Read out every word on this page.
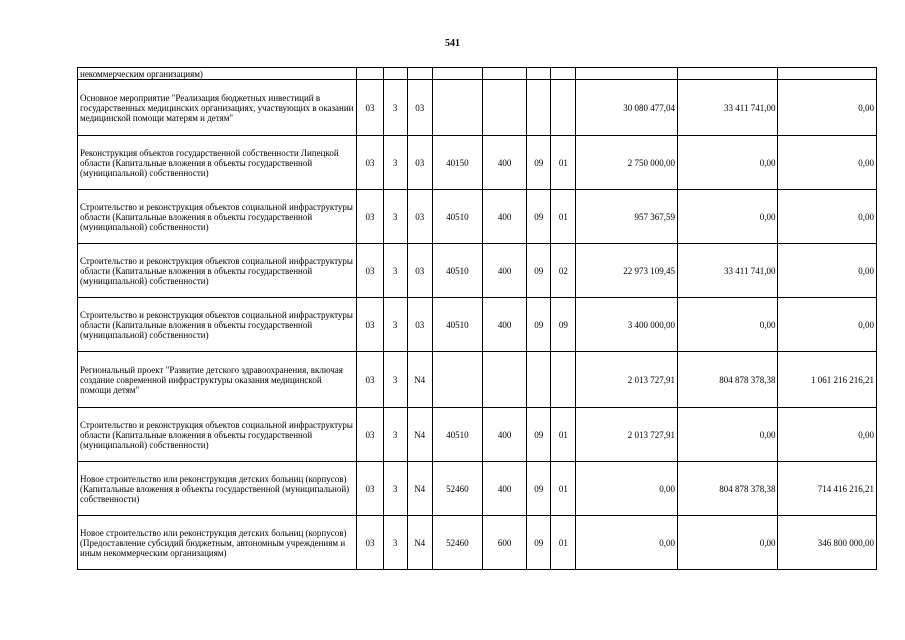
541
некоммерческим организациям)										
Основное мероприятие "Реализация бюджетных инвестиций в государственных медицинских организациях, участвующих в оказании медицинской помощи матерям и детям"	03	3	03					30 080 477,04	33 411 741,00	0,00
Реконструкция объектов государственной собственности Липецкой области (Капитальные вложения в объекты государственной (муниципальной) собственности)	03	3	03	40150	400	09	01	2 750 000,00	0,00	0,00
Строительство и реконструкция объектов социальной инфраструктуры области (Капитальные вложения в объекты государственной (муниципальной) собственности)	03	3	03	40510	400	09	01	957 367,59	0,00	0,00
Строительство и реконструкция объектов социальной инфраструктуры области (Капитальные вложения в объекты государственной (муниципальной) собственности)	03	3	03	40510	400	09	02	22 973 109,45	33 411 741,00	0,00
Строительство и реконструкция объектов социальной инфраструктуры области (Капитальные вложения в объекты государственной (муниципальной) собственности)	03	3	03	40510	400	09	09	3 400 000,00	0,00	0,00
Региональный проект "Развитие детского здравоохранения, включая создание современной инфраструктуры оказания медицинской помощи детям"	03	3	N4					2 013 727,91	804 878 378,38	1 061 216 216,21
Строительство и реконструкция объектов социальной инфраструктуры области (Капитальные вложения в объекты государственной (муниципальной) собственности)	03	3	N4	40510	400	09	01	2 013 727,91	0,00	0,00
Новое строительство или реконструкция детских больниц (корпусов) (Капитальные вложения в объекты государственной (муниципальной) собственности)	03	3	N4	52460	400	09	01	0,00	804 878 378,38	714 416 216,21
Новое строительство или реконструкция детских больниц (корпусов) (Предоставление субсидий бюджетным, автономным учреждениям и иным некоммерческим организациям)	03	3	N4	52460	600	09	01	0,00	0,00	346 800 000,00
